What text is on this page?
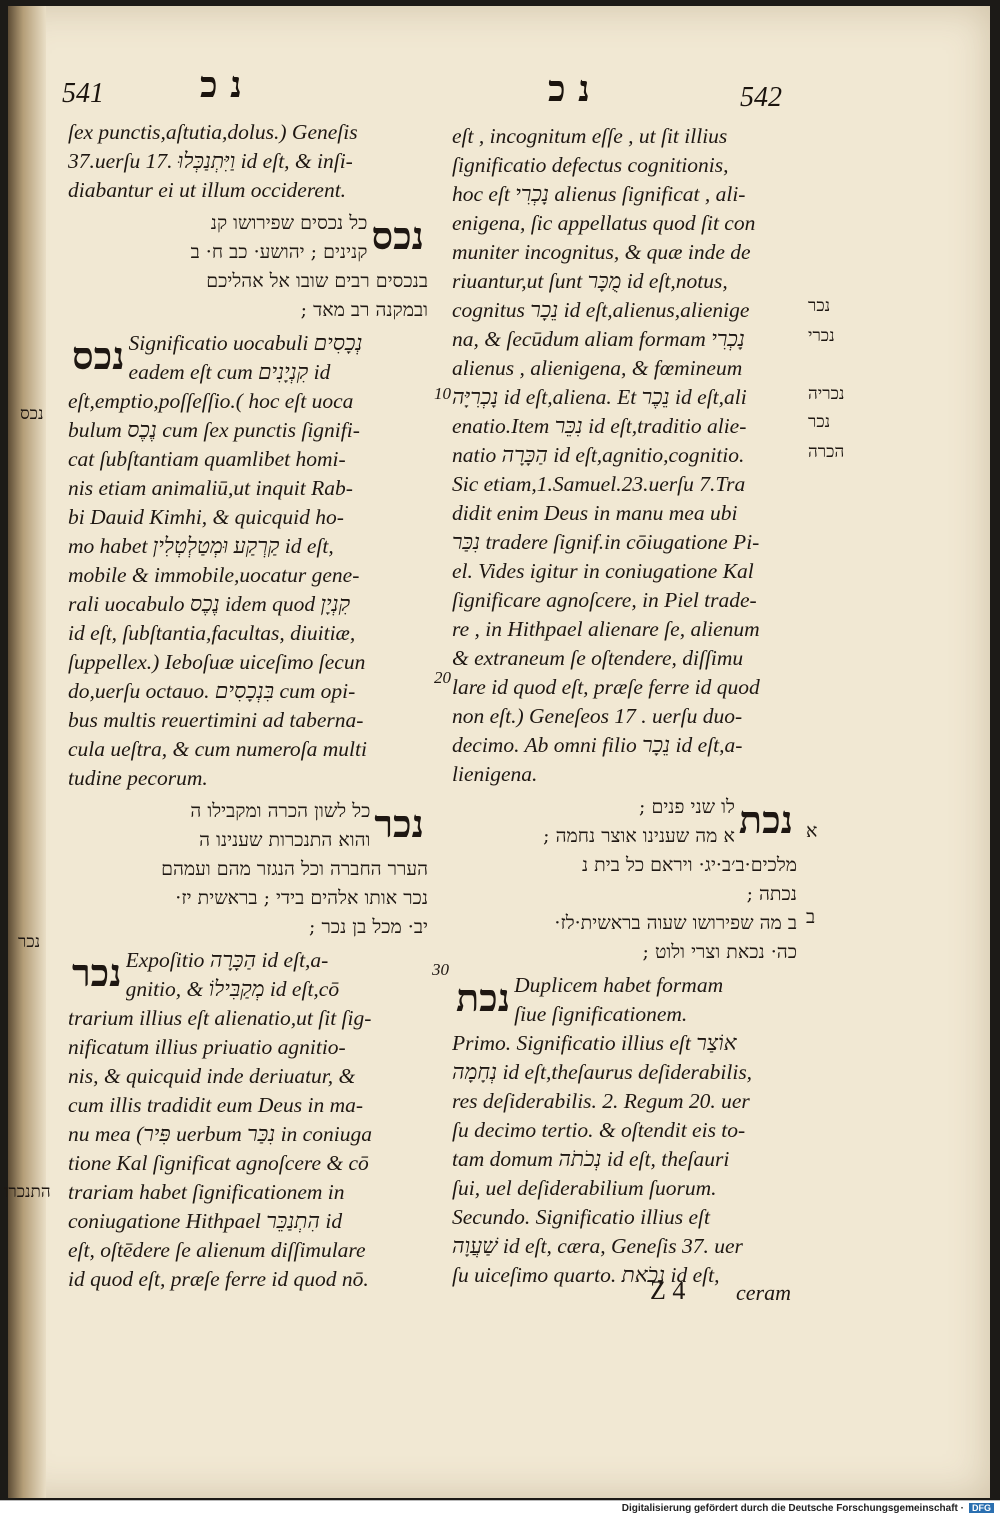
541	נ כ	נ כ	542
ſex punctis,aſtutia,dolus.) Geneſis
37.uerſu 17. וַיִּתְנַכְּלוּ id eſt, & inſi-
diabantur ei ut illum occiderent.
כל נכסים שפירושו קנ
קנינים ; יהושע· כב ח· ב נכס
בנכסים רבים שובו אל אהליכם
ובמקנה רב מאד ;
נכס Significatio uocabuli נְכָסִים
eadem eſt cum קִנְיָנִים id
eſt,emptio,poſſeſſio.( hoc eſt uoca
bulum נֶכֶס cum ſex punctis ſignifi-
cat ſubſtantiam quamlibet homi-
nis etiam animaliū,ut inquit Rab-
bi Dauid Kimhi, & quicquid ho-
mo habet קַרְקַע וּמְטַלְטְלִין id eſt,
mobile & immobile,uocatur gene-
rali uocabulo נֶכֶס idem quod קִנְיָן
id eſt, ſubſtantia,facultas, diuitiæ,
ſuppellex.) Ieboſuæ uiceſimo ſecun
do,uerſu octauo. בִּנְכָסִים cum opi-
bus multis reuertimini ad taberna-
cula ueſtra, & cum numeroſa multi
tudine pecorum.
כל לשון הכרה ומקבילו ה
והוא התנכרות שענינו ה נכר
הערר החברה וכל הנגזר מהם ועמהם
נכר אותו אלהים בידי ; בראשית יז·
יב· מכל בן נכר ;
נכר Expoſitio הַכָּרָה id eſt,a-
gnitio, & מְקַבִּילוֹ id eſt,cō
trarium illius eſt alienatio,ut ſit ſig-
nificatum illius priuatio agnitio-
nis, & quicquid inde deriuatur, &
cum illis tradidit eum Deus in ma-
nu mea (פִּיר uerbum נִכַּר in coniuga
tione Kal ſignificat agnoſcere & cō
trariam habet ſignificationem in
coniugatione Hithpael הִתְנַכֵּר id
eſt, oſtēdere ſe alienum diſſimulare
id quod eſt, præſe ferre id quod nō.
10
20
30
נכס
נכר
התנכרו
eſt , incognitum eſſe , ut ſit illius
ſignificatio defectus cognitionis,
hoc eſt נָכְרִי alienus ſignificat , ali-
enigena, ſic appellatus quod ſit con
muniter incognitus, & quæ inde de
riuantur,ut ſunt מֻכָּר id eſt,notus,
cognitus נֵכָר id eſt,alienus,alienige
na, & ſecūdum aliam formam נָכְרִי
alienus , alienigena, & fœmineum
נָכְרִיָּה id eſt,aliena. Et נֵכֶר id eſt,ali
enatio.Item נִכֵּר id eſt,traditio alie-
natio הַכָּרָה id eſt,agnitio,cognitio.
Sic etiam,1.Samuel.23.uerſu 7.Tra
didit enim Deus in manu mea ubi
נִכַּר tradere ſignif.in cōiugatione Pi-
el. Vides igitur in coniugatione Kal
ſignificare agnoſcere, in Piel trade-
re , in Hithpael alienare ſe, alienum
& extraneum ſe oſtendere, diſſimu
lare id quod eſt, præſe ferre id quod
non eſt.) Geneſeos 17 . uerſu duo-
decimo. Ab omni filio נֵכָר id eſt,a-
lienigena.
לו שני פנים ;
א מה שענינו אוצר נחמה ; נכת
מלכים·ב׳ב·יג· ויראם כל בית נ
נכתה ;
ב מה שפירושו שעוה בראשית·לז·
כה· נכאת וצרי ולוט ;
נכת Duplicem habet formam
ſiue ſignificationem.
Primo. Significatio illius eſt אוֹצַר
נְחָמָה id eſt,theſaurus deſiderabilis,
res deſiderabilis. 2. Regum 20. uer
ſu decimo tertio. & oſtendit eis to-
tam domum נְכֹתֹה id eſt, theſauri
ſui, uel deſiderabilium ſuorum.
Secundo. Significatio illius eſt
שַׁעֲוָה id eſt, cæra, Geneſis 37. uer
ſu uiceſimo quarto. נְכֹאת id eſt,
נכר
נכרי
נכריה
נכר
הכרה
א
ב
Z 4 ceram
Digitalisierung gefördert durch die Deutsche Forschungsgemeinschaft · DFG
